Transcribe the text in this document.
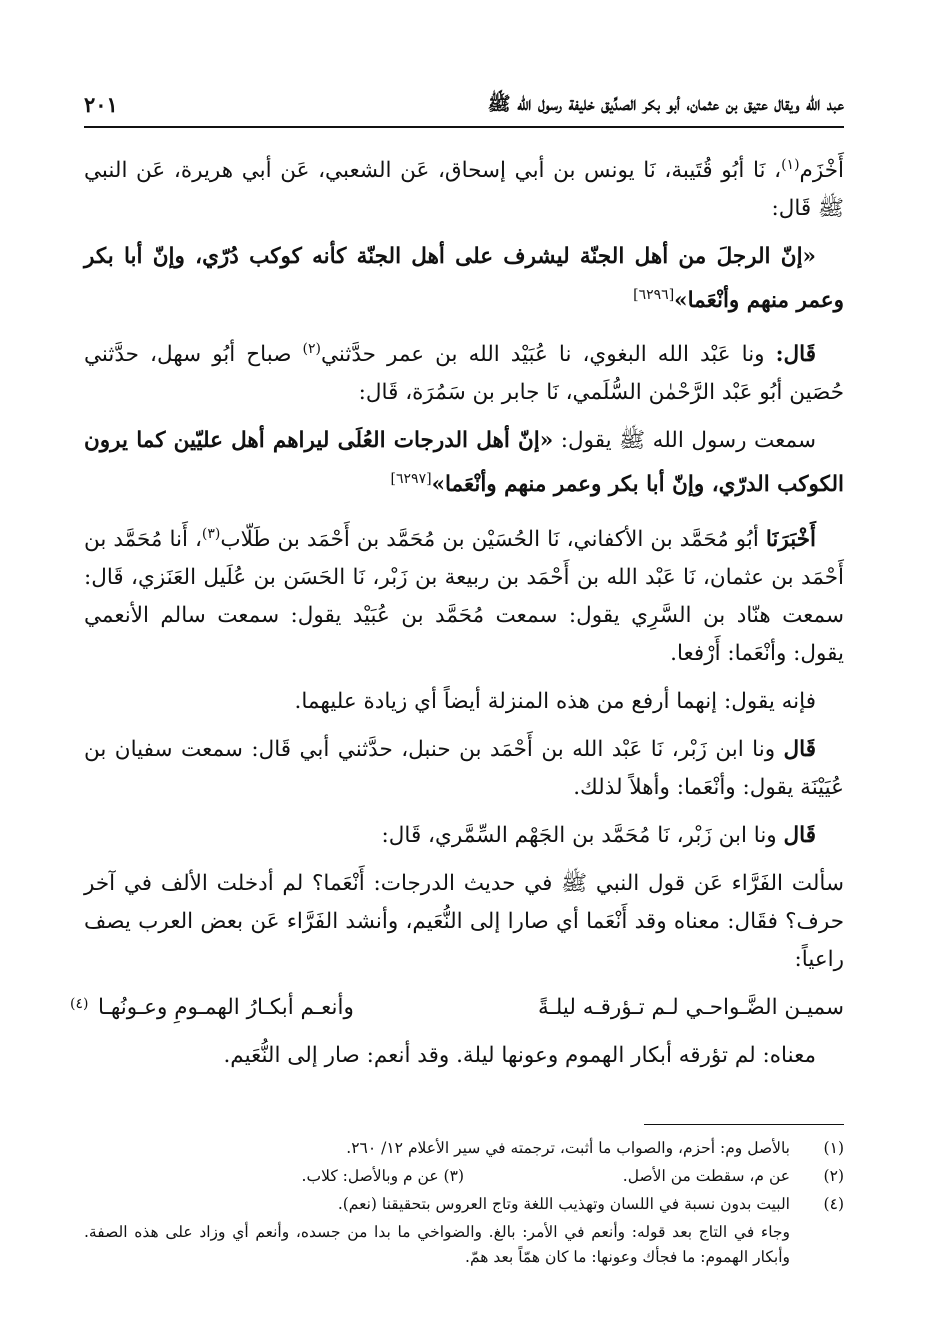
عبد الله ويقال عتيق بن عثمان، أبو بكر الصدِّيق خليفة رسول الله ﷺ
٢٠١

أَخْزَم$^{(١)}$، نَا أبُو قُتَيبة، نَا يونس بن أبي إسحاق، عَن الشعبي، عَن أبي هريرة، عَن النبي ﷺ قَال:

«إنّ الرجلَ من أهل الجنّة ليشرف على أهل الجنّة كأنه كوكب دُرّي، وإنّ أبا بكر وعمر منهم وأنْعَما»[٦٢٩٦]

قَال: ونا عَبْد الله البغوي، نا عُبَيْد الله بن عمر حدَّثني$^{(٢)}$ صباح أبُو سهل، حدَّثني حُصَين أبُو عَبْد الرَّحْمٰن السُّلَمي، نَا جابر بن سَمُرَة، قَال:

سمعت رسول الله ﷺ يقول: «إنّ أهل الدرجات العُلَى ليراهم أهل عليّين كما يرون الكوكب الدرّي، وإنّ أبا بكر وعمر منهم وأنْعَما»[٦٢٩٧]

أَخْبَرَنَا أبُو مُحَمَّد بن الأكفاني، نَا الحُسَيْن بن مُحَمَّد بن أَحْمَد بن طَلّاب$^{(٣)}$، أَنا مُحَمَّد بن أَحْمَد بن عثمان، نَا عَبْد الله بن أَحْمَد بن ربيعة بن زَبْر، نَا الحَسَن بن عُلَيل العَنَزي، قَال: سمعت هنّاد بن السَّرِي يقول: سمعت مُحَمَّد بن عُبَيْد يقول: سمعت سالم الأنعمي يقول: وأنْعَما: أَرْفعا.

فإنه يقول: إنهما أرفع من هذه المنزلة أيضاً أي زيادة عليهما.

قَال ونا ابن زَبْر، نَا عَبْد الله بن أَحْمَد بن حنبل، حدَّثني أبي قَال: سمعت سفيان بن عُيَيْنَة يقول: وأنْعَما: وأهلاً لذلك.

قَال ونا ابن زَبْر، نَا مُحَمَّد بن الجَهْم السِّمَّري، قَال:

سألت الفَرَّاء عَن قول النبي ﷺ في حديث الدرجات: أَنْعَما؟ لم أدخلت الألف في آخر حرف؟ فقَال: معناه وقد أَنْعَما أي صارا إلى النُّعَيم، وأنشد الفَرَّاء عَن بعض العرب يصف راعياً:

سميـن الضَّـواحـي لـم تـؤرقـه ليلـةً
وأنعـم أبكـارُ الهمـومِ وعـونُهـا
(٤)

معناه: لم تؤرقه أبكار الهموم وعونها ليلة. وقد أنعم: صار إلى النُّعَيم.

(١)
بالأصل وم: أحزم، والصواب ما أثبت، ترجمته في سير الأعلام ١٢/ ٢٦٠.
(٢)
عن م، سقطت من الأصل.
(٣) عن م وبالأصل: كلاب.
(٤)
البيت بدون نسبة في اللسان وتهذيب اللغة وتاج العروس بتحقيقنا (نعم).

وجاء في التاج بعد قوله: وأنعم في الأمر: بالغ. والضواخي ما بدا من جسده، وأنعم أي وزاد على هذه الصفة. وأبكار الهموم: ما فجأك وعونها: ما كان همّاً بعد همّ.
